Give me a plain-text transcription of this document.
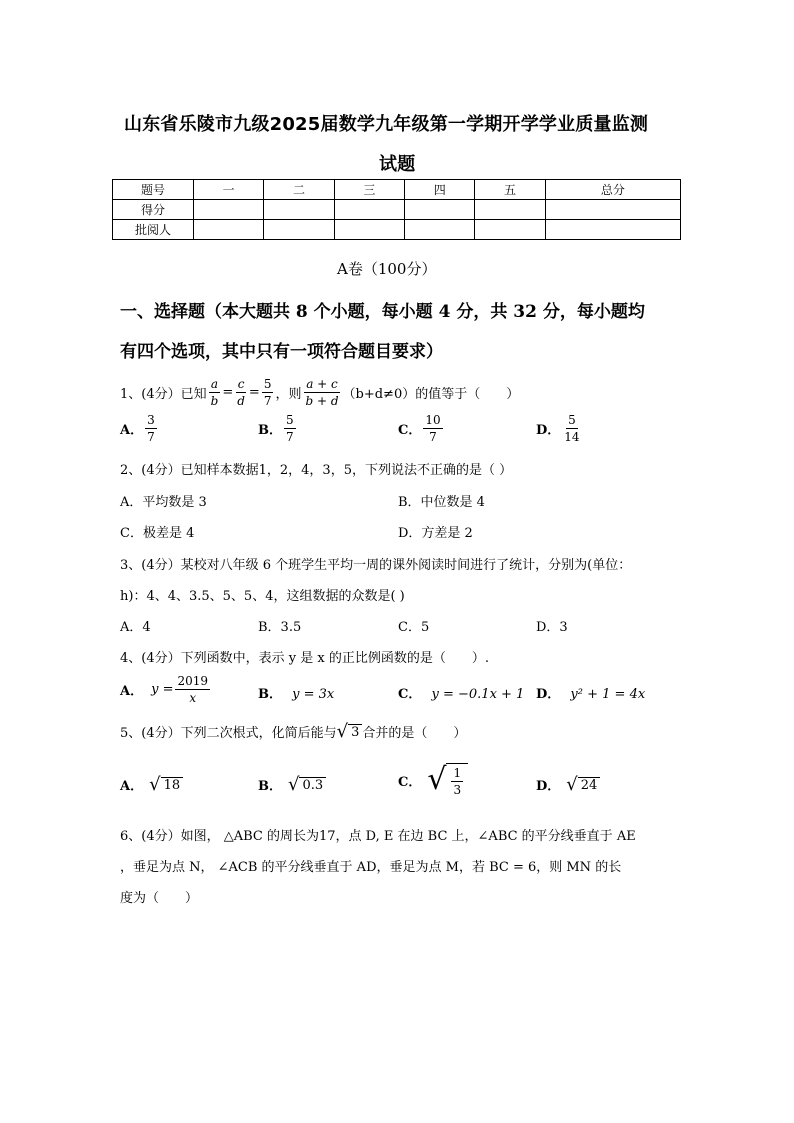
山东省乐陵市九级2025届数学九年级第一学期开学学业质量监测
试题
题号	一	二	三	四	五	总分
得分						
批阅人						
A卷（100分）
一、选择题（本大题共 8 个小题，每小题 4 分，共 32 分，每小题均
有四个选项，其中只有一项符合题目要求）
1、(4分）已知 $\frac{a}{b} = \frac{c}{d} = \frac{5}{7}$ ，则 $\frac{a + c}{b + d} (b+d\ne 0)$的值等于（　　）
A． $\frac{3}{7}$	B． $\frac{5}{7}$	C． $\frac{10}{7}$	D． $\frac{5}{14}$
2、(4分）已知样本数据1，2，4，3，5，下列说法不正确的是（ ）
A．平均数是 3	B．中位数是 4
C．极差是 4	D．方差是 2
3、(4分）某校对八年级 6 个班学生平均一周的课外阅读时间进行了统计，分别为(单位：
h)：4、4、3.5、5、5、4，这组数据的众数是( )
A．4	B．3.5	C．5	D．3
4、(4分）下列函数中，表示 y 是 x 的正比例函数的是（　　）.
A． $y = \frac{2019}{x}$	B． y = 3x	C． y = −0.1x + 1 D． y² + 1 = 4x
5、(4分）下列二次根式，化简后能与 √ 3 合并的是（　　）
A． √ 18	B． √ 0.3	C． √ $\frac{1}{3}$	D． √ 24
6、(4分）如图， △ABC 的周长为17，点 D, E 在边 BC 上，∠ABC 的平分线垂直于 AE
，垂足为点 N， ∠ACB 的平分线垂直于 AD，垂足为点 M，若 BC = 6，则 MN 的长
度为（　　）
